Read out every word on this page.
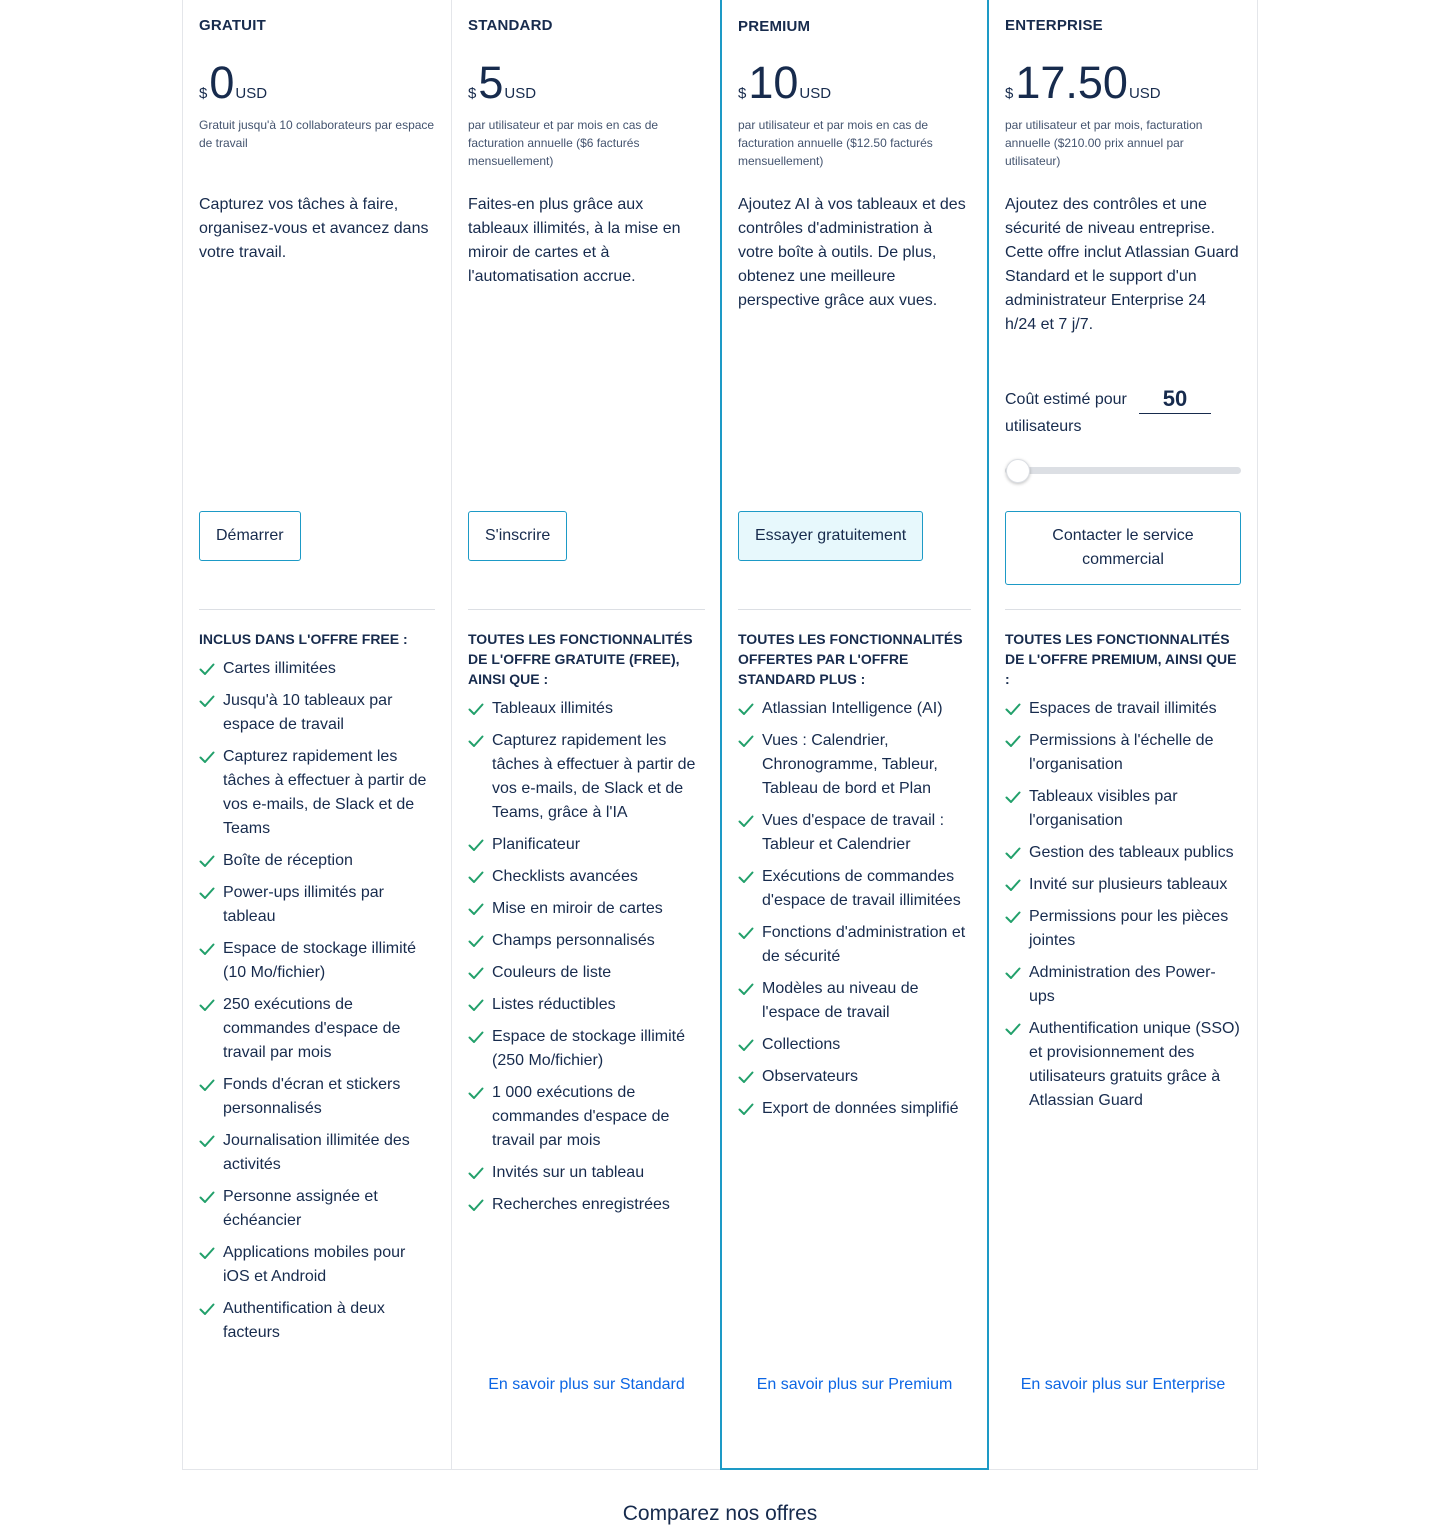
GRATUIT
$ 0 USD
Gratuit jusqu'à 10 collaborateurs par espace de travail
Capturez vos tâches à faire, organisez-vous et avancez dans votre travail.
Démarrer
INCLUS DANS L'OFFRE FREE :
Cartes illimitées
Jusqu'à 10 tableaux par espace de travail
Capturez rapidement les tâches à effectuer à partir de vos e-mails, de Slack et de Teams
Boîte de réception
Power-ups illimités par tableau
Espace de stockage illimité (10 Mo/fichier)
250 exécutions de commandes d'espace de travail par mois
Fonds d'écran et stickers personnalisés
Journalisation illimitée des activités
Personne assignée et échéancier
Applications mobiles pour iOS et Android
Authentification à deux facteurs
STANDARD
$ 5 USD
par utilisateur et par mois en cas de facturation annuelle ($6 facturés mensuellement)
Faites-en plus grâce aux tableaux illimités, à la mise en miroir de cartes et à l'automatisation accrue.
S'inscrire
TOUTES LES FONCTIONNALITÉS DE L'OFFRE GRATUITE (FREE), AINSI QUE :
Tableaux illimités
Capturez rapidement les tâches à effectuer à partir de vos e-mails, de Slack et de Teams, grâce à l'IA
Planificateur
Checklists avancées
Mise en miroir de cartes
Champs personnalisés
Couleurs de liste
Listes réductibles
Espace de stockage illimité (250 Mo/fichier)
1 000 exécutions de commandes d'espace de travail par mois
Invités sur un tableau
Recherches enregistrées
En savoir plus sur Standard
PREMIUM
$ 10 USD
par utilisateur et par mois en cas de facturation annuelle ($12.50 facturés mensuellement)
Ajoutez AI à vos tableaux et des contrôles d'administration à votre boîte à outils. De plus, obtenez une meilleure perspective grâce aux vues.
Essayer gratuitement
TOUTES LES FONCTIONNALITÉS OFFERTES PAR L'OFFRE STANDARD PLUS :
Atlassian Intelligence (AI)
Vues : Calendrier, Chronogramme, Tableur, Tableau de bord et Plan
Vues d'espace de travail : Tableur et Calendrier
Exécutions de commandes d'espace de travail illimitées
Fonctions d'administration et de sécurité
Modèles au niveau de l'espace de travail
Collections
Observateurs
Export de données simplifié
En savoir plus sur Premium
ENTERPRISE
$ 17.50 USD
par utilisateur et par mois, facturation annuelle ($210.00 prix annuel par utilisateur)
Ajoutez des contrôles et une sécurité de niveau entreprise. Cette offre inclut Atlassian Guard Standard et le support d'un administrateur Enterprise 24 h/24 et 7 j/7.
Coût estimé pour
50
utilisateurs
Contacter le service commercial
TOUTES LES FONCTIONNALITÉS DE L'OFFRE PREMIUM, AINSI QUE :
Espaces de travail illimités
Permissions à l'échelle de l'organisation
Tableaux visibles par l'organisation
Gestion des tableaux publics
Invité sur plusieurs tableaux
Permissions pour les pièces jointes
Administration des Power-ups
Authentification unique (SSO) et provisionnement des utilisateurs gratuits grâce à Atlassian Guard
En savoir plus sur Enterprise
Comparez nos offres
